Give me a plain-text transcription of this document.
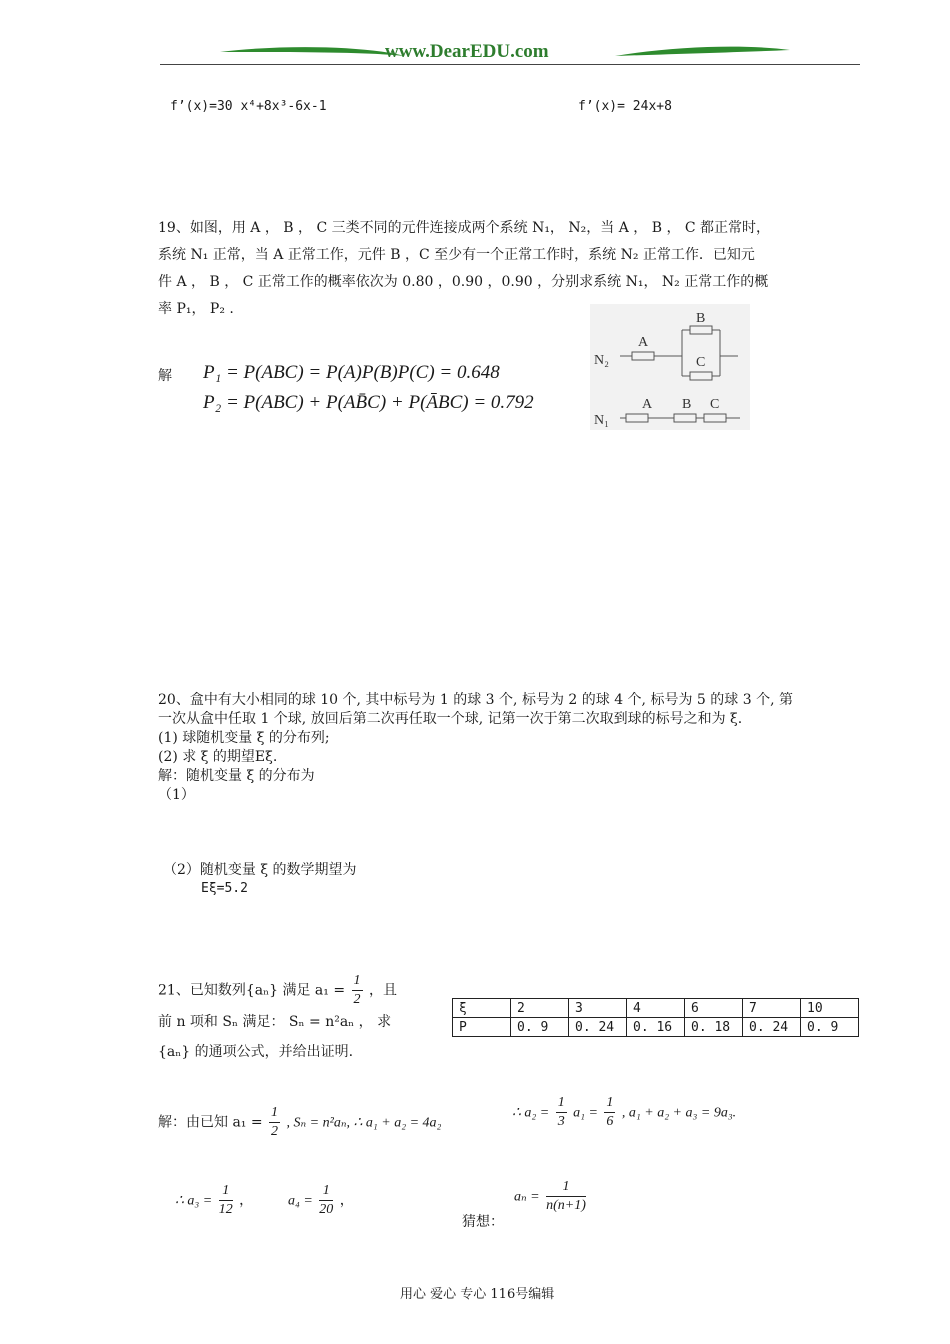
www.DearEDU.com
f’(x)=30 x⁴+8x³-6x-1	f’(x)= 24x+8
19、如图，用 A ， B ， C 三类不同的元件连接成两个系统 N₁， N₂，当 A ， B ， C 都正常时，
系统 N₁ 正常，当 A 正常工作，元件 B ，C 至少有一个正常工作时，系统 N₂ 正常工作．已知元
件 A ， B ， C 正常工作的概率依次为 0.80 ，0.90 ，0.90 ，分别求系统 N₁， N₂ 正常工作的概
率 P₁， P₂ .
解 P₁ = P(ABC) = P(A)P(B)P(C) = 0.648
P₂ = P(ABC) + P(AB̄C) + P(ĀBC) = 0.792
N₂
A
B
C
N₁
A B C
20、盒中有大小相同的球 10 个, 其中标号为 1 的球 3 个, 标号为 2 的球 4 个, 标号为 5 的球 3 个, 第
一次从盒中任取 1 个球, 放回后第二次再任取一个球, 记第一次于第二次取到球的标号之和为 ξ.
(1) 球随机变量 ξ 的分布列;
(2) 求 ξ 的期望Eξ.
解：随机变量 ξ 的分布为
（1）
（2）随机变量 ξ 的数学期望为
Eξ=5.2
21、已知数列{aₙ} 满足 $a_1 = \frac{1}{2}$ ，且
前 n 项和 Sₙ 满足： Sₙ = n²aₙ ， 求
{aₙ} 的通项公式，并给出证明.
ξ	2	3	4	6	7	10
P	0. 9	0. 24	0. 16	0. 18	0. 24	0. 9
解：由已知 $a_1 = \frac{1}{2}$ , Sₙ = n²aₙ, ∴ a₁ + a₂ = 4a₂
∴ $a_2 = \frac{1}{3} a_1 = \frac{1}{6}$ , a₁ + a₂ + a₃ = 9a₃.
∴ $a_3 = \frac{1}{12}$ ， $a_4 = \frac{1}{20}$ ，
猜想：
$a_n = \frac{1}{n(n+1)}$
用心 爱心 专心 116号编辑
